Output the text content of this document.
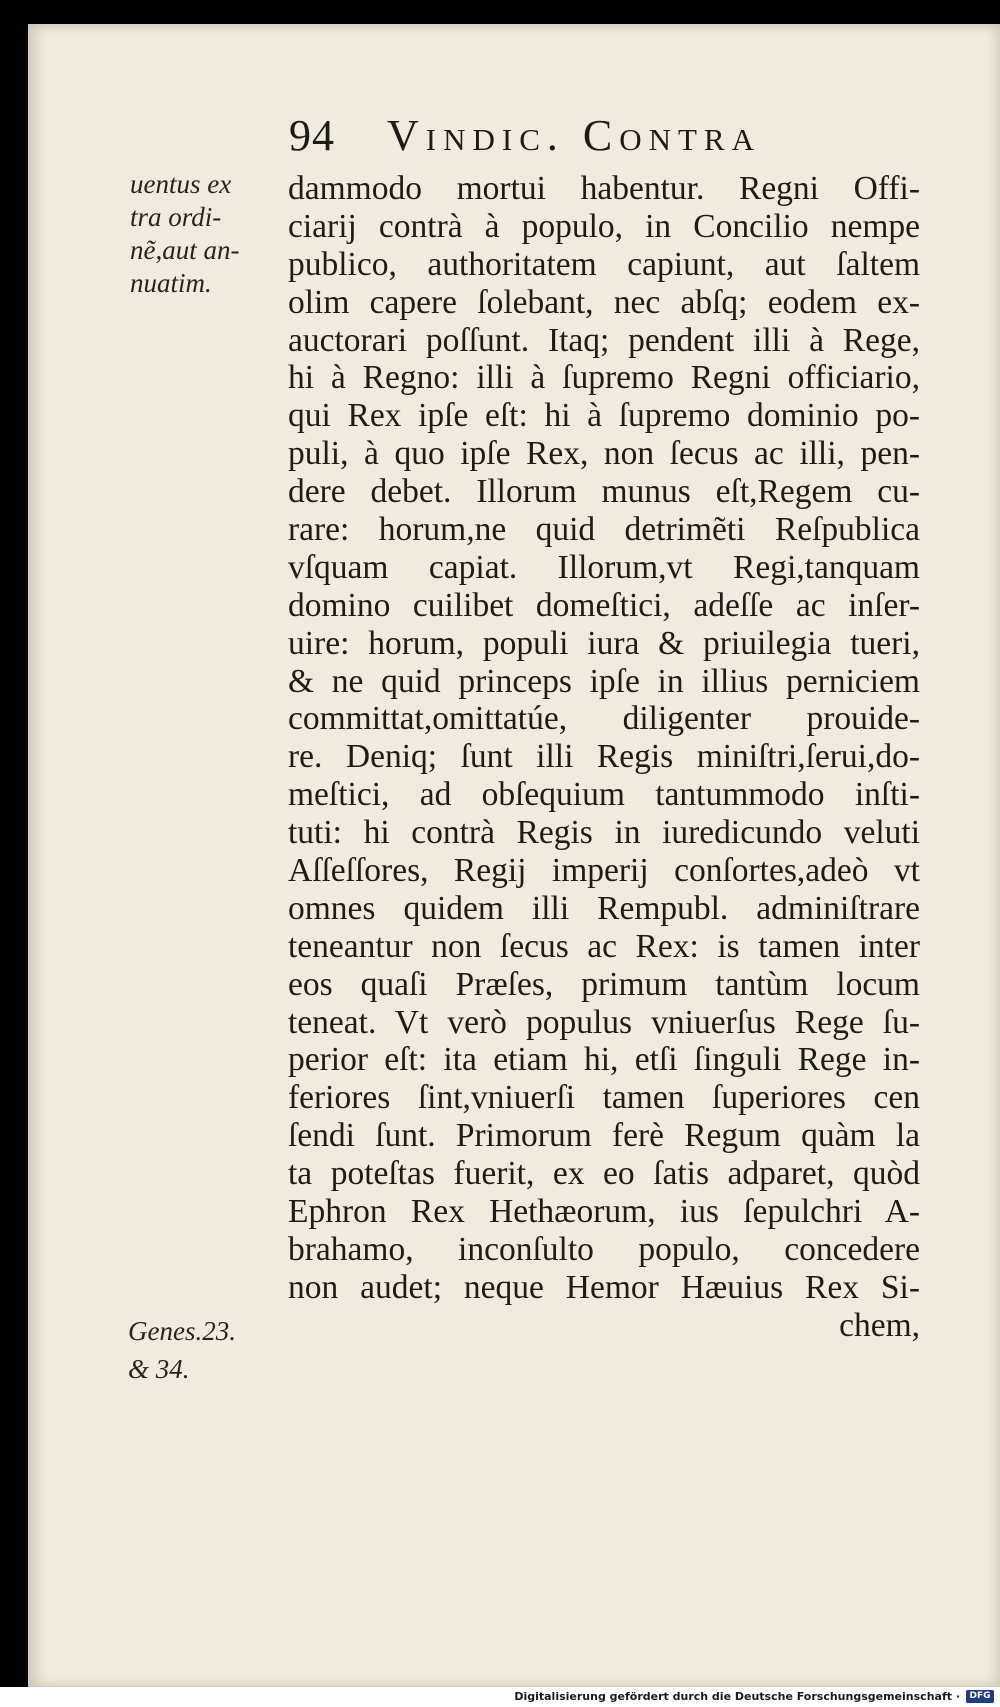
94 Vindic. Contra
uentus ex
tra ordi-
nẽ,aut an-
nuatim.
Genes.23.
& 34.
dammodo mortui habentur. Regni Offi-
ciarij contrà à populo, in Concilio nempe
publico, authoritatem capiunt, aut ſaltem
olim capere ſolebant, nec abſq; eodem ex-
auctorari poſſunt. Itaq; pendent illi à Rege,
hi à Regno: illi à ſupremo Regni officiario,
qui Rex ipſe eſt: hi à ſupremo dominio po-
puli, à quo ipſe Rex, non ſecus ac illi, pen-
dere debet. Illorum munus eſt,Regem cu-
rare: horum,ne quid detrimẽti Reſpublica
vſquam capiat. Illorum,vt Regi,tanquam
domino cuilibet domeſtici, adeſſe ac inſer-
uire: horum, populi iura & priuilegia tueri,
& ne quid princeps ipſe in illius perniciem
committat,omittatúe, diligenter prouide-
re. Deniq; ſunt illi Regis miniſtri,ſerui,do-
meſtici, ad obſequium tantummodo inſti-
tuti: hi contrà Regis in iuredicundo veluti
Aſſeſſores, Regij imperij conſortes,adeò vt
omnes quidem illi Rempubl. adminiſtrare
teneantur non ſecus ac Rex: is tamen inter
eos quaſi Præſes, primum tantùm locum
teneat. Vt verò populus vniuerſus Rege ſu-
perior eſt: ita etiam hi, etſi ſinguli Rege in-
feriores ſint,vniuerſi tamen ſuperiores cen
ſendi ſunt. Primorum ferè Regum quàm la
ta poteſtas fuerit, ex eo ſatis adparet, quòd
Ephron Rex Hethæorum, ius ſepulchri A-
brahamo, inconſulto populo, concedere
non audet; neque Hemor Hæuius Rex Si-
chem,
Digitalisierung gefördert durch die Deutsche Forschungsgemeinschaft ·	DFG
